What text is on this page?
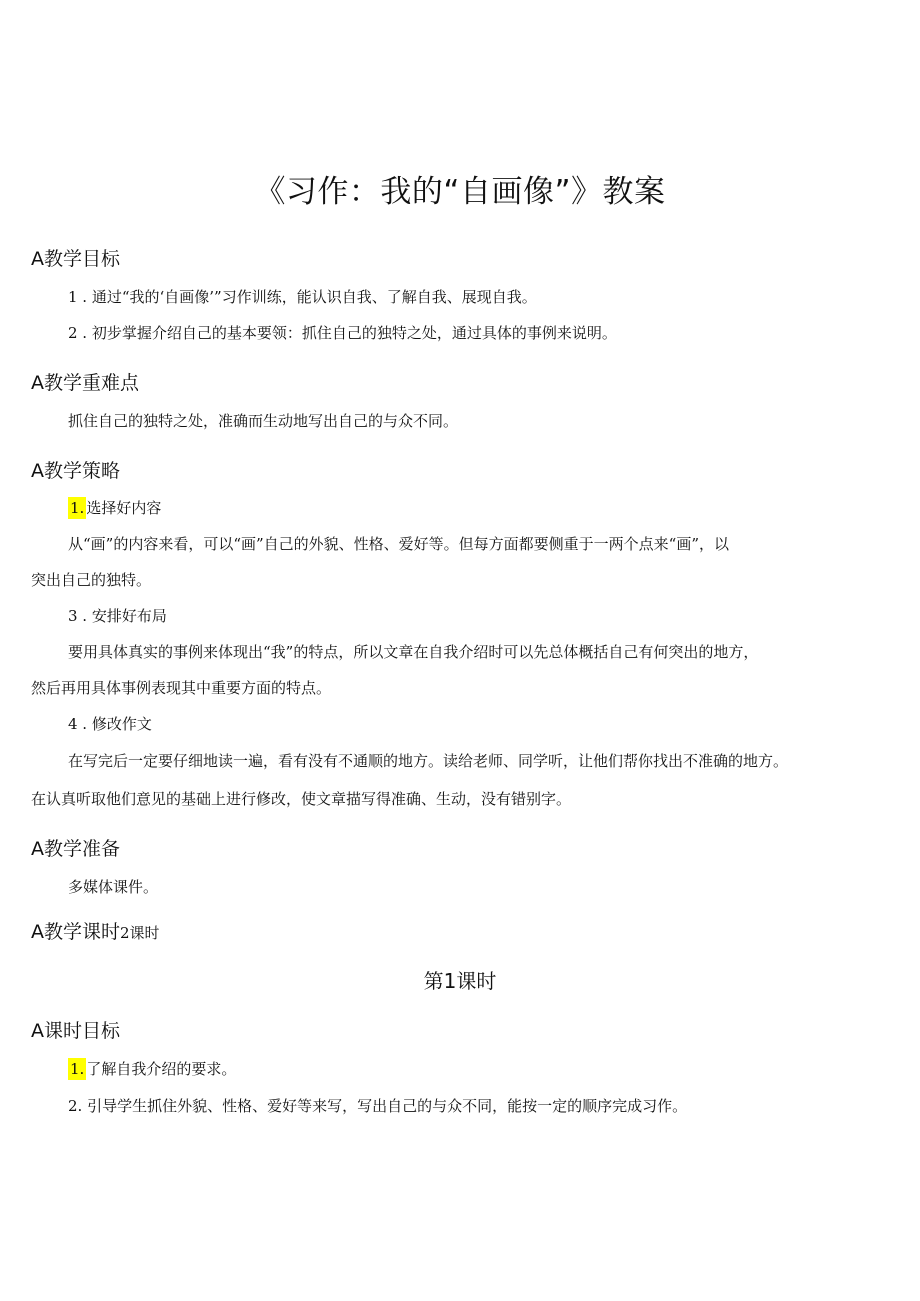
《习作：我的“自画像”》教案
A教学目标
1 . 通过“我的‘自画像’”习作训练，能认识自我、了解自我、展现自我。
2 . 初步掌握介绍自己的基本要领：抓住自己的独特之处，通过具体的事例来说明。
A教学重难点
抓住自己的独特之处，准确而生动地写出自己的与众不同。
A教学策略
1. 选择好内容
从“画”的内容来看，可以“画”自己的外貌、性格、爱好等。但每方面都要侧重于一两个点来“画”，以
突出自己的独特。
3 . 安排好布局
要用具体真实的事例来体现出“我”的特点，所以文章在自我介绍时可以先总体概括自己有何突出的地方，
然后再用具体事例表现其中重要方面的特点。
4 . 修改作文
在写完后一定要仔细地读一遍，看有没有不通顺的地方。读给老师、同学听，让他们帮你找出不准确的地方。
在认真听取他们意见的基础上进行修改，使文章描写得准确、生动，没有错别字。
A教学准备
多媒体课件。
A教学课时2课时
第1课时
A课时目标
1. 了解自我介绍的要求。
2. 引导学生抓住外貌、性格、爱好等来写，写出自己的与众不同，能按一定的顺序完成习作。
